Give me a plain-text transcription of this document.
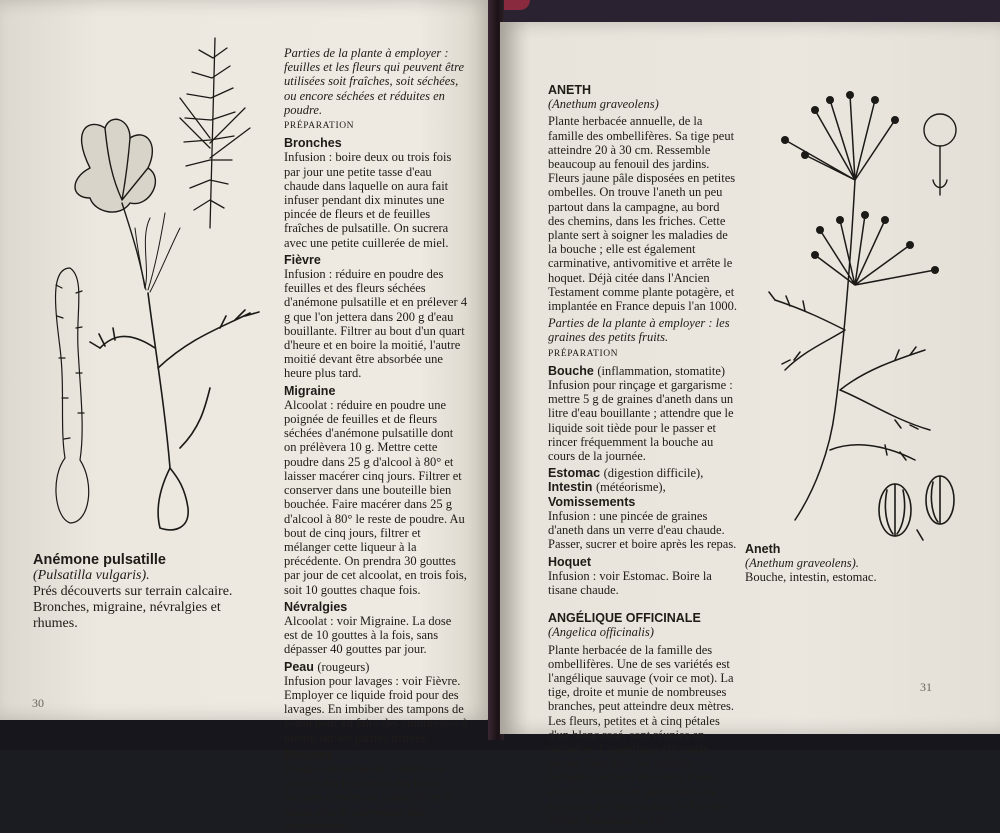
Parties de la plante à employer : feuilles et les fleurs qui peuvent être utilisées soit fraîches, soit séchées, ou encore séchées et réduites en poudre.

PRÉPARATION

Bronches

Infusion : boire deux ou trois fois par jour une petite tasse d'eau chaude dans laquelle on aura fait infuser pendant dix minutes une pincée de fleurs et de feuilles fraîches de pulsatille. On sucrera avec une petite cuillerée de miel.

Fièvre

Infusion : réduire en poudre des feuilles et des fleurs séchées d'anémone pulsatille et en prélever 4 g que l'on jettera dans 200 g d'eau bouillante. Filtrer au bout d'un quart d'heure et en boire la moitié, l'autre moitié devant être absorbée une heure plus tard.

Migraine

Alcoolat : réduire en poudre une poignée de feuilles et de fleurs séchées d'anémone pulsatille dont on prélèvera 10 g. Mettre cette poudre dans 25 g d'alcool à 80° et laisser macérer cinq jours. Filtrer et conserver dans une bouteille bien bouchée. Faire macérer dans 25 g d'alcool à 80° le reste de poudre. Au bout de cinq jours, filtrer et mélanger cette liqueur à la précédente. On prendra 30 gouttes par jour de cet alcoolat, en trois fois, soit 10 gouttes chaque fois.

Névralgies

Alcoolat : voir Migraine. La dose est de 10 gouttes à la fois, sans dépasser 40 gouttes par jour.

Peau (rougeurs)

Infusion pour lavages : voir Fièvre. Employer ce liquide froid pour des lavages. En imbiber des tampons de coton pour en faire des compresses à mettre sur les parties irritées.

Rhumes

Poudre sternutatoire : réduire en poudre des feuilles et des fleurs séchées d'anémone pulsatille et la priser afin de provoquer des éternuements.

Anémone pulsatille
(Pulsatilla vulgaris).
Prés découverts sur terrain calcaire. Bronches, migraine, névralgies et rhumes.
30

ANETH

(Anethum graveolens)

Plante herbacée annuelle, de la famille des ombellifères. Sa tige peut atteindre 20 à 30 cm. Ressemble beaucoup au fenouil des jardins. Fleurs jaune pâle disposées en petites ombelles. On trouve l'aneth un peu partout dans la campagne, au bord des chemins, dans les friches. Cette plante sert à soigner les maladies de la bouche ; elle est également carminative, antivomitive et arrête le hoquet. Déjà citée dans l'Ancien Testament comme plante potagère, et implantée en France depuis l'an 1000.

Parties de la plante à employer : les graines des petits fruits.

PRÉPARATION

Bouche (inflammation, stomatite)

Infusion pour rinçage et gargarisme : mettre 5 g de graines d'aneth dans un litre d'eau bouillante ; attendre que le liquide soit tiède pour le passer et rincer fréquemment la bouche au cours de la journée.

Estomac (digestion difficile), Intestin (météorisme), Vomissements

Infusion : une pincée de graines d'aneth dans un verre d'eau chaude. Passer, sucrer et boire après les repas.

Hoquet

Infusion : voir Estomac. Boire la tisane chaude.

ANGÉLIQUE OFFICINALE

(Angelica officinalis)

Plante herbacée de la famille des ombellifères. Une de ses variétés est l'angélique sauvage (voir ce mot). La tige, droite et munie de nombreuses branches, peut atteindre deux mètres. Les fleurs, petites et à cinq pétales d'un blanc rosé, sont réunies en ombelles. L'angélique officinale pousse bien dans les endroits humides, au bord des cours d'eau ; elle est cultivée en particulier aux environs de Niort et dans le Puy-de-Dôme. Floraison en été.

Aneth
(Anethum graveolens).
Bouche, intestin, estomac.
31
